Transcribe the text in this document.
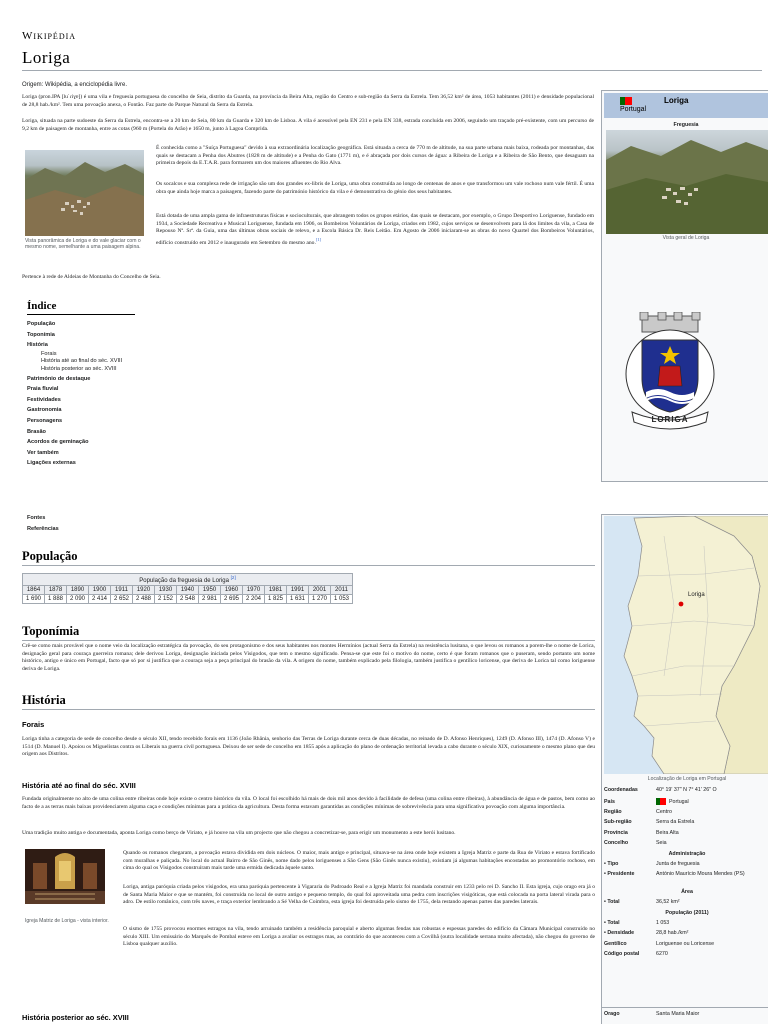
Wikipédia
Loriga
Origem: Wikipédia, a enciclopédia livre.
Loriga (pron.IPA [luˈɾiɣɐ]) é uma vila e freguesia portuguesa do concelho de Seia, distrito da Guarda, na província da Beira Alta, região do Centro e sub-região da Serra da Estrela. Tem 36,52 km² de área, 1053 habitantes (2011) e densidade populacional de 28,8 hab./km². Tem uma povoação anexa, o Fontão. Faz parte do Parque Natural da Serra da Estrela.
Loriga, situada na parte sudoeste da Serra da Estrela, encontra-se a 20 km de Seia, 80 km da Guarda e 320 km de Lisboa. A vila é acessível pela EN 231 e pela EN 338, estrada concluída em 2006, seguindo um traçado pré-existente, com um percurso de 9,2 km de paisagem de montanha, entre as cotas (960 m (Portela do Arão) e 1650 m, junto à Lagoa Comprida.
Vista panorâmica de Loriga e do vale glaciar com o mesmo nome, semelhante a uma paisagem alpina.
É conhecida como a "Suíça Portuguesa" devido à sua extraordinária localização geográfica. Está situada a cerca de 770 m de altitude, na sua parte urbana mais baixa, rodeada por montanhas, das quais se destacam a Penha dos Abutres (1828 m de altitude) e a Penha do Gato (1771 m), e é abraçada por dois cursos de água: a Ribeira de Loriga e a Ribeira de São Bento, que desaguam na primeira depois da E.T.A.R. para formarem um dos maiores afluentes do Rio Alva.
Os socalcos e sua complexa rede de irrigação são um dos grandes ex-libris de Loriga, uma obra construída ao longo de centenas de anos e que transformou um vale rochoso num vale fértil. É uma obra que ainda hoje marca a paisagem, fazendo parte do património histórico da vila e é demonstrativa do génio dos seus habitantes.
Está dotada de uma ampla gama de infraestruturas físicas e socioculturais, que abrangem todos os grupos etários, das quais se destacam, por exemplo, o Grupo Desportivo Loriguense, fundado em 1934, a Sociedade Recreativa e Musical Loriguense, fundada em 1906, os Bombeiros Voluntários de Loriga, criados em 1982, cujos serviços se desenvolvem para lá dos limites da vila, a Casa de Repouso Nª. Srª. da Guia, uma das últimas obras sociais de relevo, e a Escola Básica Dr. Reis Leitão. Em Agosto de 2006 iniciaram-se as obras do novo Quartel dos Bombeiros Voluntários, edifício construído em 2012 e inaugurado em Setembro do mesmo ano.[1]
Pertence à rede de Aldeias de Montanha do Concelho de Seia.
Índice
População
Toponímia
História
Forais
História até ao final do séc. XVIII
História posterior ao séc. XVIII
Património de destaque
Praia fluvial
Festividades
Gastronomia
Personagens
Brasão
Acordos de geminação
Ver também
Ligações externas
Fontes
Referências
População
População da freguesia de Loriga [2]
1864	1878	1890	1900	1911	1920	1930	1940	1950	1960	1970	1981	1991	2001	2011
1 690	1 888	2 090	2 414	2 652	2 488	2 152	2 548	2 981	2 695	2 204	1 825	1 631	1 270	1 053
Toponímia
Crê-se como mais provável que o nome veio da localização estratégica da povoação, do seu protagonismo e dos seus habitantes nos montes Hermínios (actual Serra da Estrela) na resistência lusitana, o que levou os romanos a porem-lhe o nome de Lorica, designação geral para couraça guerreira romana; dele derivou Loriga, designação iniciada pelos Visigodos, que tem o mesmo significado. Pensa-se que este foi o motivo do nome, certo é que foram romanos que o puseram, sendo portanto um nome histórico, antigo e único em Portugal, facto que só por si justifica que a couraça seja a peça principal do brasão da vila. A origem do nome, também explicado pela filologia, também justifica o gentílico loricense, que deriva de Lorica tal como loriguense deriva de Loriga.
História
Forais
Loriga tinha a categoria de sede de concelho desde o século XII, tendo recebido forais em 1136 (João Rhânia, senhorio das Terras de Loriga durante cerca de duas décadas, no reinado de D. Afonso Henriques), 1249 (D. Afonso III), 1474 (D. Afonso V) e 1514 (D. Manuel I). Apoiou os Miguelistas contra os Liberais na guerra civil portuguesa. Deixou de ser sede de concelho em 1855 após a aplicação do plano de ordenação territorial levada a cabo durante o século XIX, curiosamente o mesmo plano que deu origem aos Distritos.
História até ao final do séc. XVIII
Fundada originalmente no alto de uma colina entre ribeiras onde hoje existe o centro histórico da vila. O local foi escolhido há mais de dois mil anos devido à facilidade de defesa (uma colina entre ribeiras), à abundância de água e de pastos, bem como ao facto de a as terras mais baixas providenciarem alguma caça e condições mínimas para a prática da agricultura. Desta forma estavam garantidas as condições mínimas de sobrevivência para uma significativa povoação com alguma importância.
Uma tradição muito antiga e documentada, aponta Loriga como berço de Viriato, e já houve na vila um projecto que não chegou a concretizar-se, para erigir um monumento a este herói lusitano.
Igreja Matriz de Loriga - vista interior.
Quando os romanos chegaram, a povoação estava dividida em dois núcleos. O maior, mais antigo e principal, situava-se na área onde hoje existem a Igreja Matriz e parte da Rua de Viriato e estava fortificado com muralhas e paliçada. No local do actual Bairro de São Ginês, nome dado pelos loriguenses a São Gens (São Ginês nunca existiu), existiam já algumas habitações encostadas ao promontório rochoso, em cima do qual os Visigodos construíram mais tarde uma ermida dedicada àquele santo.
Loriga, antiga paróquia criada pelos visigodos, era uma paróquia pertencente à Vigararia do Padroado Real e a Igreja Matriz foi mandada construir em 1233 pelo rei D. Sancho II. Esta igreja, cujo orago era já o de Santa Maria Maior e que se mantém, foi construída no local de outro antigo e pequeno templo, do qual foi aproveitada uma pedra com inscrições visigóticas, que está colocada na porta lateral virada para o adro. De estilo românico, com três naves, e traça exterior lembrando a Sé Velha de Coimbra, esta igreja foi destruída pelo sismo de 1755, dela restando apenas partes das paredes laterais.
O sismo de 1755 provocou enormes estragos na vila, tendo arruinado também a residência paroquial e aberto algumas fendas nas robustas e espessas paredes do edifício da Câmara Municipal construído no século XIII. Um emissário do Marquês de Pombal esteve em Loriga a avaliar os estragos mas, ao contrário do que aconteceu com a Covilhã (outra localidade serrana muito afectada), não chegou do governo de Lisboa qualquer auxílio.
História posterior ao séc. XVIII
Loriga
Portugal
Freguesia
Vista geral de Loriga
LORIGA
Loriga
Localização de Loriga em Portugal
Coordenadas	40° 19' 37" N 7° 41' 26" O
País	Portugal
Região	Centro
Sub-região	Serra da Estrela
Província	Beira Alta
Concelho	Seia
Administração
• Tipo	Junta de freguesia
• Presidente	António Maurício Moura Mendes (PS)
Área
• Total	36,52 km²
População (2011)
• Total	1 053
• Densidade	28,8 hab./km²
Gentílico	Loriguense ou Loricense
Código postal	6270
Orago	Santa Maria Maior
